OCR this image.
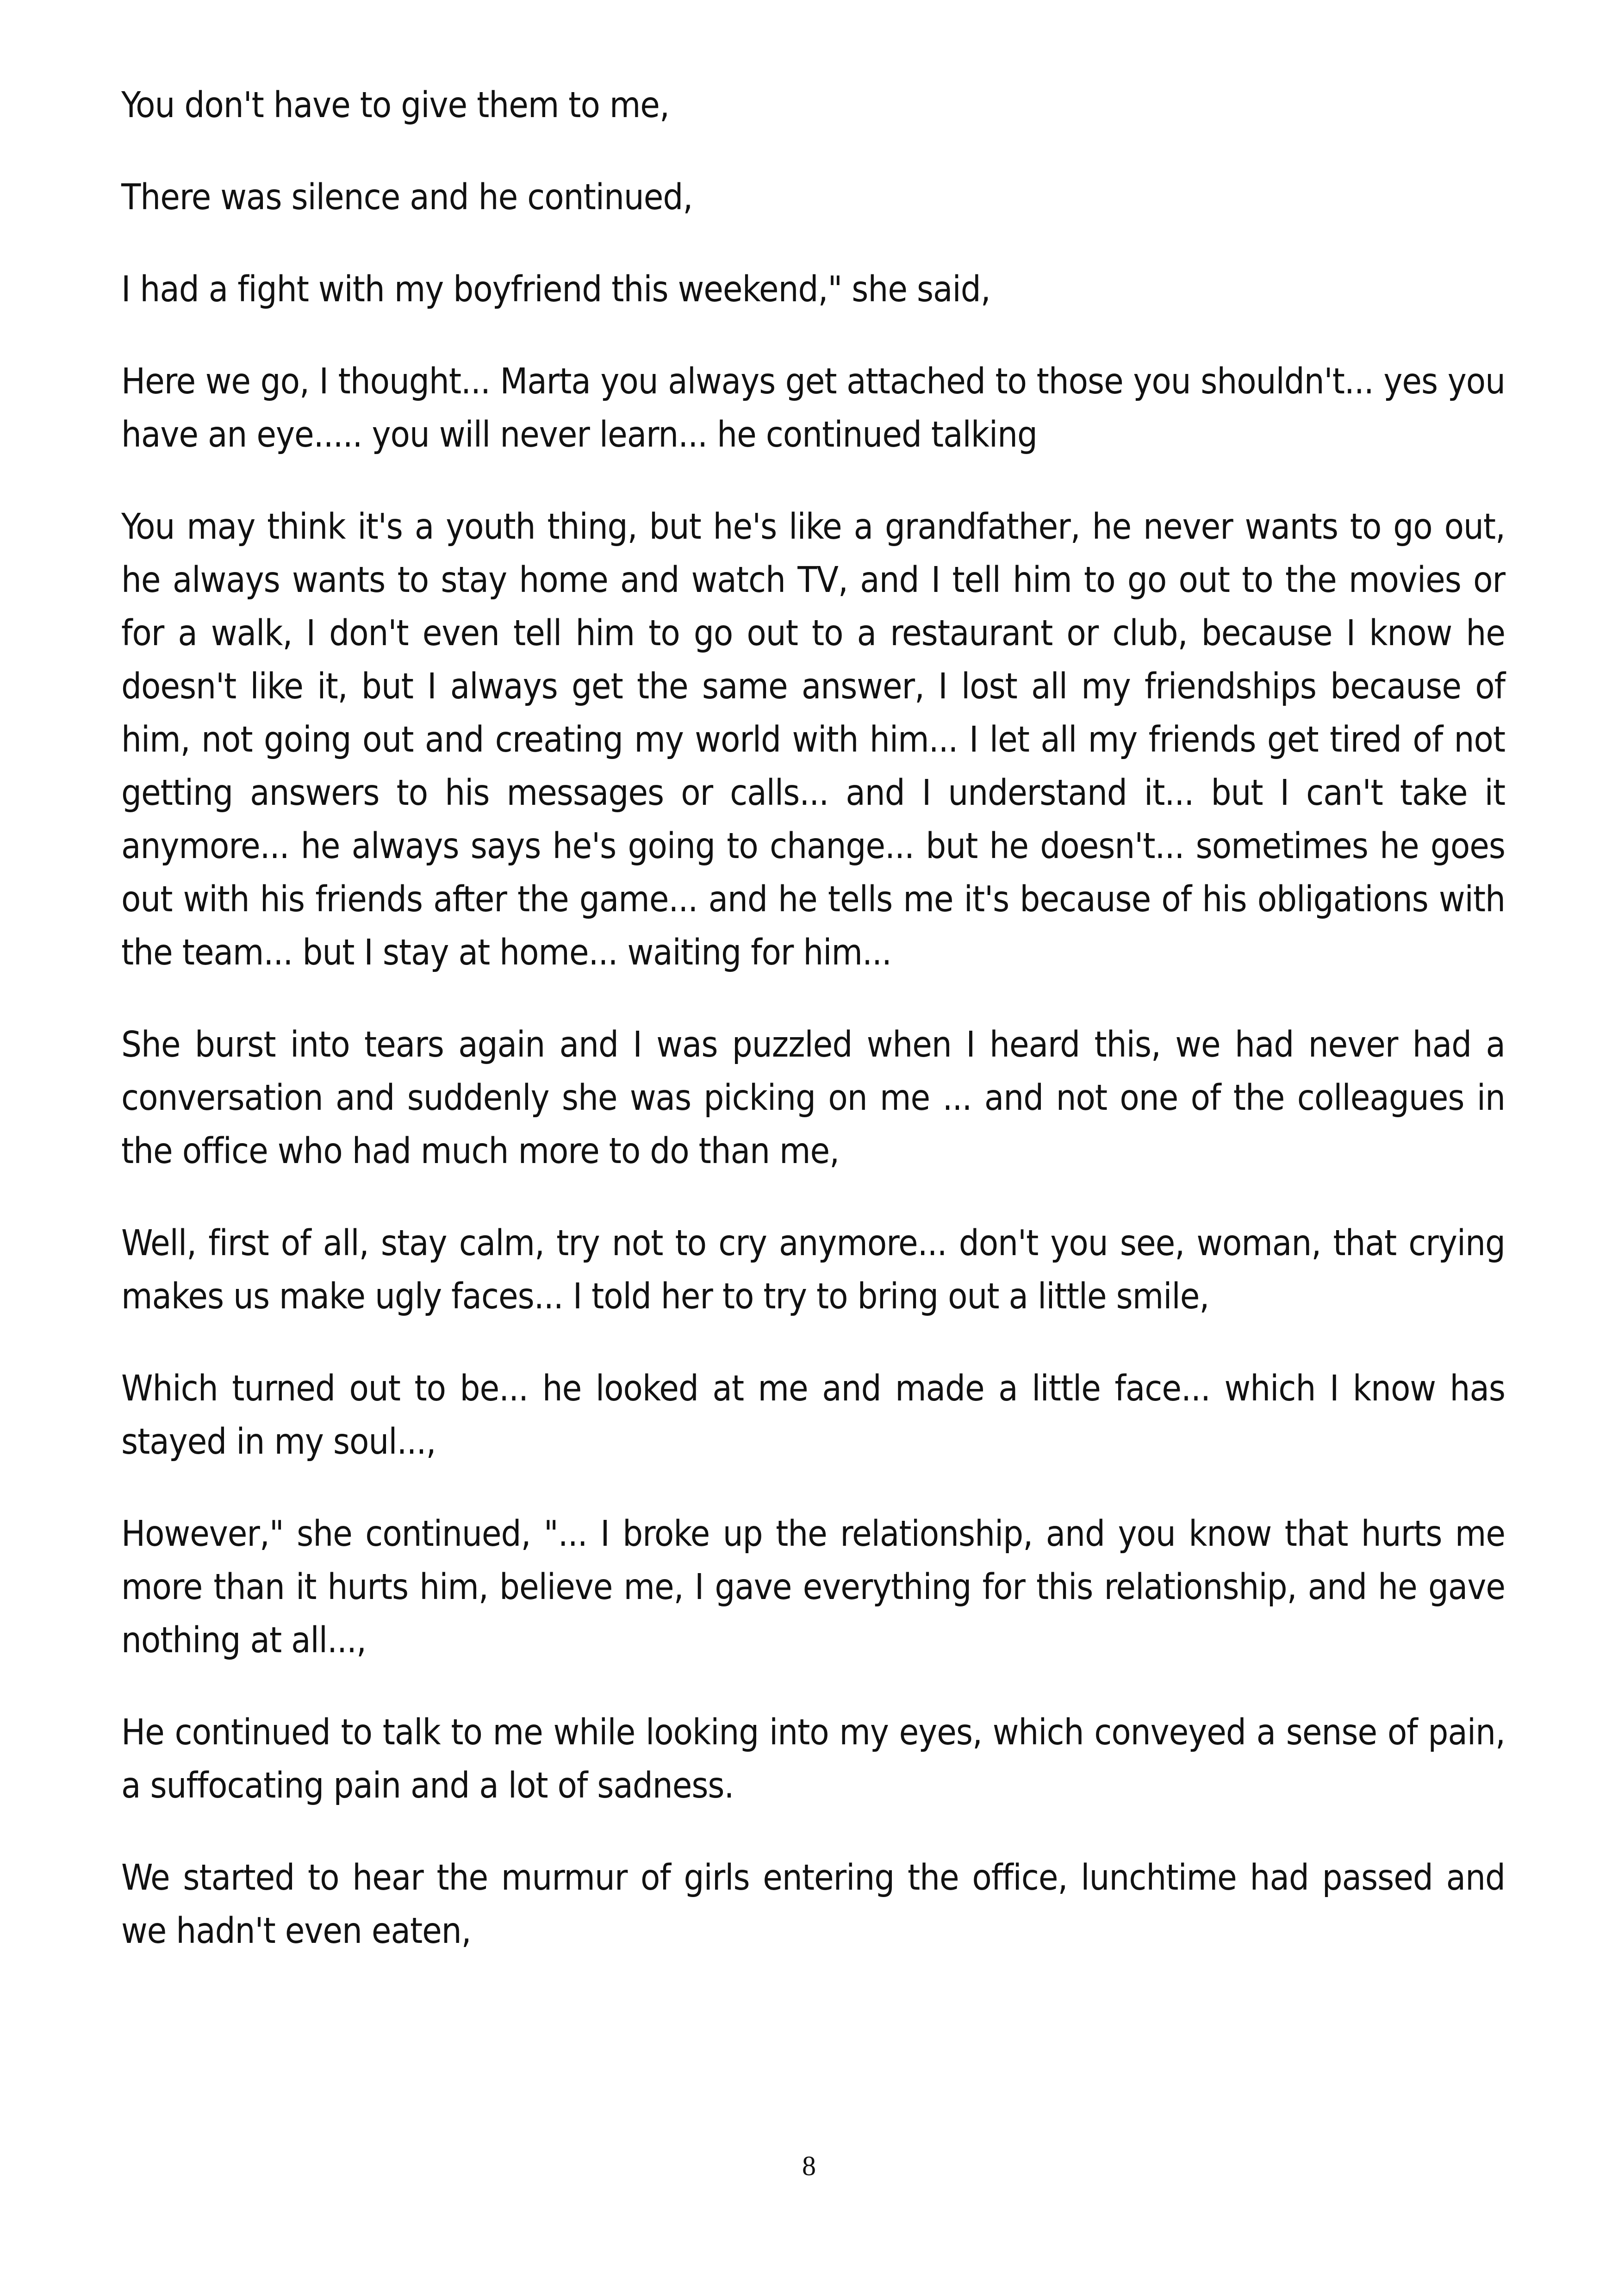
You don't have to give them to me,

There was silence and he continued,

I had a fight with my boyfriend this weekend," she said,

Here we go, I thought... Marta you always get attached to those you shouldn't... yes you have an eye..... you will never learn... he continued talking

You may think it's a youth thing, but he's like a grandfather, he never wants to go out, he always wants to stay home and watch TV, and I tell him to go out to the movies or for a walk, I don't even tell him to go out to a restaurant or club, because I know he doesn't like it, but I always get the same answer, I lost all my friendships because of him, not going out and creating my world with him... I let all my friends get tired of not getting answers to his messages or calls... and I understand it... but I can't take it anymore... he always says he's going to change... but he doesn't... sometimes he goes out with his friends after the game... and he tells me it's because of his obligations with the team... but I stay at home... waiting for him...

She burst into tears again and I was puzzled when I heard this, we had never had a conversation and suddenly she was picking on me ... and not one of the colleagues in the office who had much more to do than me,

Well, first of all, stay calm, try not to cry anymore... don't you see, woman, that crying makes us make ugly faces... I told her to try to bring out a little smile,

Which turned out to be... he looked at me and made a little face... which I know has stayed in my soul...,

However," she continued, "... I broke up the relationship, and you know that hurts me more than it hurts him, believe me, I gave everything for this relationship, and he gave nothing at all...,

He continued to talk to me while looking into my eyes, which conveyed a sense of pain, a suffocating pain and a lot of sadness.

We started to hear the murmur of girls entering the office, lunchtime had passed and we hadn't even eaten,

8
